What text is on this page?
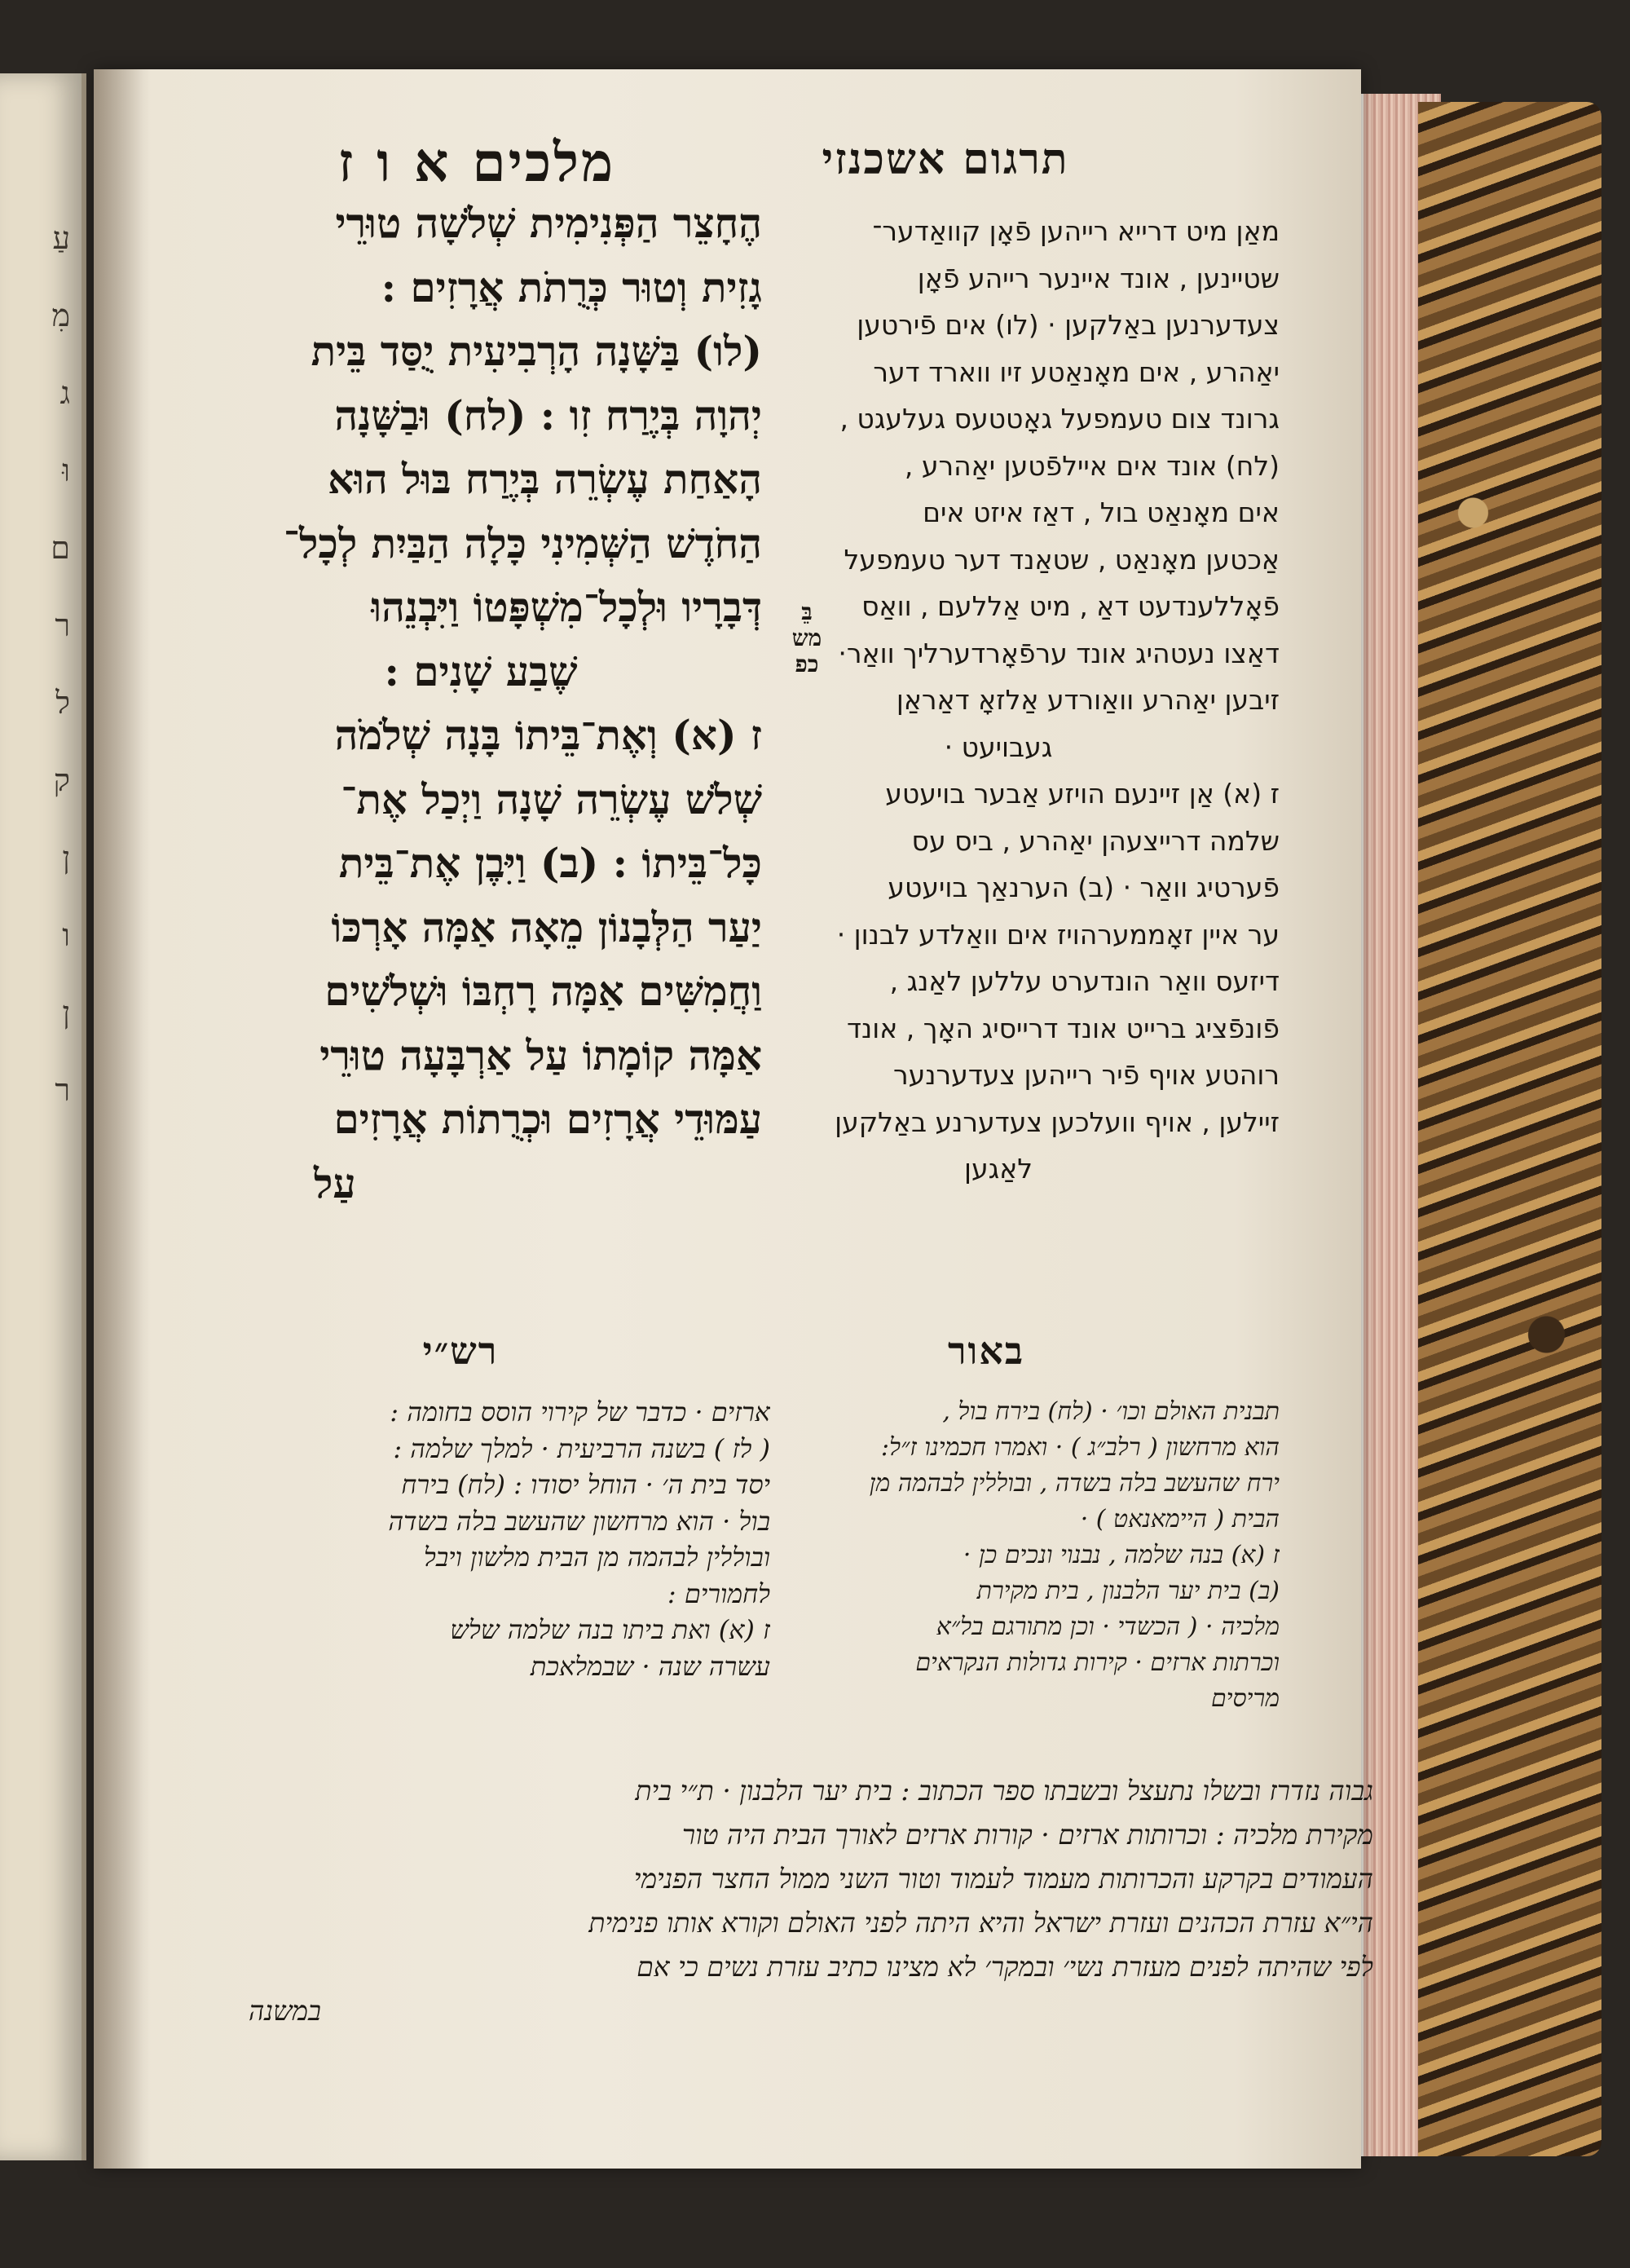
עַ
מִ
ג
וּ
ם
ר
ל
ק
ן
ו
ן
ר
תרגום אשכנזי
מלכים א ו ז
מאַן מיט דרייא רייהען פֿאָן קוואַדער־
שטיינען , אונד איינער רייהע פֿאָן
צעדערנען באַלקען · (לו) אים פֿירטען
יאַהרע , אים מאָנאַטע זיו ווארד דער
גרונד צום טעמפעל גאָטטעס געלעגט ,
(לח) אונד אים איילפֿטען יאַהרע ,
אים מאָנאַט בול , דאַז איזט אים
אַכטען מאָנאַט , שטאַנד דער טעמפעל
פֿאָללענדעט דאַ , מיט אַללעם , וואַס
דאַצו נעטהיג אונד ערפֿאָרדערליך וואַר·
זיבען יאַהרע וואַורדע אַלזאָ דאַראַן
געבויעט ·
ז (א) אַן זיינעם הויזע אַבער בויעטע
שלמה דרייצעהן יאַהרע , ביס עס
פֿערטיג וואַר · (ב) הערנאַך בויעטע
ער איין זאָממערהויז אים וואַלדע לבנון ·
דיזעס וואַר הונדערט עללען לאַנג ,
פֿונפֿציג ברייט אונד דרייסיג האָך , אונד
רוהטע אויף פֿיר רייהען צעדערנער
זיילען , אויף וועלכען צעדערנע באַלקען
לאַגען
הֶחָצֵר הַפְּנִימִית שְׁלֹשָׁה טוּרֵי
גָזִית וְטוּר כְּרֻתֹת אֲרָזִים :
(לו) בַּשָּׁנָה הָרְבִיעִית יֻסַּד בֵּית
יְהוָה בְּיֶרַח זִו : (לח) וּבַשָּׁנָה
הָאַחַת עֶשְׂרֵה בְּיֶרַח בּוּל הוּא
הַחֹדֶשׁ הַשְּׁמִינִי כָּלָה הַבַּיִת לְכָל־
דְּבָרָיו וּלְכָל־מִשְׁפָּטוֹ וַיִּבְנֵהוּ
שֶׁבַע שָׁנִים :
ז (א) וְאֶת־בֵּיתוֹ בָּנָה שְׁלֹמֹה
שְׁלֹשׁ עֶשְׂרֵה שָׁנָה וַיְכַל אֶת־
כָּל־בֵּיתוֹ : (ב) וַיִּבֶן אֶת־בֵּית
יַעַר הַלְּבָנוֹן מֵאָה אַמָּה אָרְכּוֹ
וַחֲמִשִּׁים אַמָּה רָחְבּוֹ וּשְׁלֹשִׁים
אַמָּה קוֹמָתוֹ עַל אַרְבָּעָה טוּרֵי
עַמּוּדֵי אֲרָזִים וּכְרֻתוֹת אֲרָזִים
עַל
בֵּ
מש
כפ
באור
רש״י
תבנית האולם וכו׳ · (לח) בירח בול ,
הוא מרחשון ( רלב״ג ) · ואמרו חכמינו ז״ל:
ירח שהעשב בלה בשדה , ובוללין לבהמה מן
הבית ( היימאנאט ) ·
ז (א) בנה שלמה , נבנוי ונכים כן ·
(ב) בית יער הלבנון , בית מקירת
מלכיה · ( הכשדי · וכן מתורגם בל״א
וכרתות ארזים · קירות גדולות הנקראים
מריסים
ארזים · כדבר של קירוי הוסס בחומה :
( לז ) בשנה הרביעית · למלך שלמה :
יסד בית ה׳ · הוחל יסודו : (לח) בירח
בול · הוא מרחשון שהעשב בלה בשדה
ובוללין לבהמה מן הבית מלשון ויבל
לחמורים :
ז (א) ואת ביתו בנה שלמה שלש
עשרה שנה · שבמלאכת
גבוה נזדרז ובשלו נתעצל ובשבתו ספר הכתוב : בית יער הלבנון · ת״י בית
מקירת מלכיה : וכרותות ארזים · קורות ארזים לאורך הבית היה טור
העמודים בקרקע והכרותות מעמוד לעמוד וטור השני ממול החצר הפנימי
הי״א עזרת הכהנים ועזרת ישראל והיא היתה לפני האולם וקורא אותו פנימית
לפי שהיתה לפנים מעזרת נשי׳ ובמקר׳ לא מצינו כתיב עזרת נשים כי אם
במשנה
